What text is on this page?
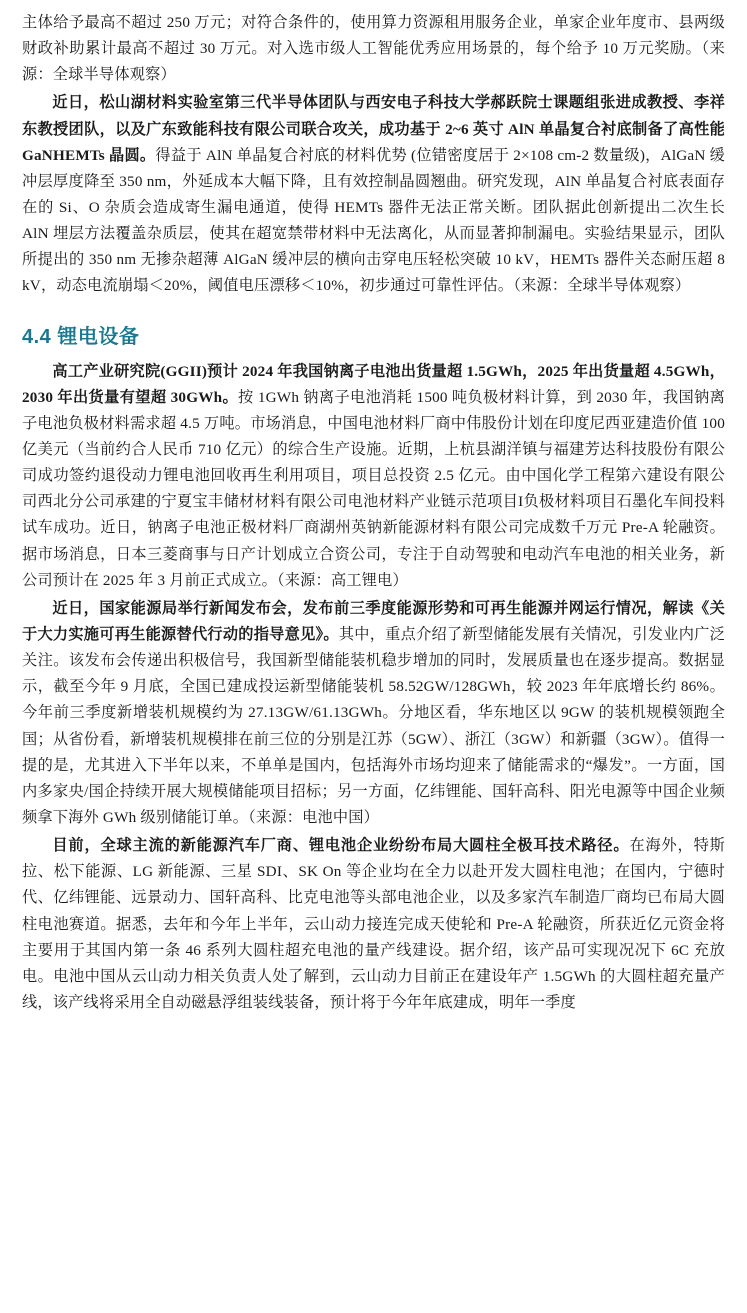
主体给予最高不超过 250 万元；对符合条件的，使用算力资源租用服务企业，单家企业年度市、县两级财政补助累计最高不超过 30 万元。对入选市级人工智能优秀应用场景的，每个给予 10 万元奖励。（来源：全球半导体观察）

近日，松山湖材料实验室第三代半导体团队与西安电子科技大学郝跃院士课题组张进成教授、李祥东教授团队，以及广东致能科技有限公司联合攻关，成功基于 2~6 英寸 AlN 单晶复合衬底制备了高性能 GaNHEMTs 晶圆。得益于 AlN 单晶复合衬底的材料优势 (位错密度居于 2×108 cm-2 数量级)，AlGaN 缓冲层厚度降至 350 nm，外延成本大幅下降，且有效控制晶圆翘曲。研究发现，AlN 单晶复合衬底表面存在的 Si、O 杂质会造成寄生漏电通道，使得 HEMTs 器件无法正常关断。团队据此创新提出二次生长 AlN 埋层方法覆盖杂质层，使其在超宽禁带材料中无法离化，从而显著抑制漏电。实验结果显示，团队所提出的 350 nm 无掺杂超薄 AlGaN 缓冲层的横向击穿电压轻松突破 10 kV，HEMTs 器件关态耐压超 8 kV，动态电流崩塌＜20%，阈值电压漂移＜10%，初步通过可靠性评估。（来源：全球半导体观察）

4.4 锂电设备

高工产业研究院(GGII)预计 2024 年我国钠离子电池出货量超 1.5GWh，2025 年出货量超 4.5GWh，2030 年出货量有望超 30GWh。按 1GWh 钠离子电池消耗 1500 吨负极材料计算，到 2030 年，我国钠离子电池负极材料需求超 4.5 万吨。市场消息，中国电池材料厂商中伟股份计划在印度尼西亚建造价值 100 亿美元（当前约合人民币 710 亿元）的综合生产设施。近期，上杭县湖洋镇与福建芳达科技股份有限公司成功签约退役动力锂电池回收再生利用项目，项目总投资 2.5 亿元。由中国化学工程第六建设有限公司西北分公司承建的宁夏宝丰储材材料有限公司电池材料产业链示范项目I负极材料项目石墨化车间投料试车成功。近日，钠离子电池正极材料厂商湖州英钠新能源材料有限公司完成数千万元 Pre-A 轮融资。据市场消息，日本三菱商事与日产计划成立合资公司，专注于自动驾驶和电动汽车电池的相关业务，新公司预计在 2025 年 3 月前正式成立。（来源：高工锂电）

近日，国家能源局举行新闻发布会，发布前三季度能源形势和可再生能源并网运行情况，解读《关于大力实施可再生能源替代行动的指导意见》。其中，重点介绍了新型储能发展有关情况，引发业内广泛关注。该发布会传递出积极信号，我国新型储能装机稳步增加的同时，发展质量也在逐步提高。数据显示，截至今年 9 月底，全国已建成投运新型储能装机 58.52GW/128GWh，较 2023 年年底增长约 86%。今年前三季度新增装机规模约为 27.13GW/61.13GWh。分地区看，华东地区以 9GW 的装机规模领跑全国；从省份看，新增装机规模排在前三位的分别是江苏（5GW）、浙江（3GW）和新疆（3GW）。值得一提的是，尤其进入下半年以来，不单单是国内，包括海外市场均迎来了储能需求的“爆发”。一方面，国内多家央/国企持续开展大规模储能项目招标；另一方面，亿纬锂能、国轩高科、阳光电源等中国企业频频拿下海外 GWh 级别储能订单。（来源：电池中国）

目前，全球主流的新能源汽车厂商、锂电池企业纷纷布局大圆柱全极耳技术路径。在海外，特斯拉、松下能源、LG 新能源、三星 SDI、SK On 等企业均在全力以赴开发大圆柱电池；在国内，宁德时代、亿纬锂能、远景动力、国轩高科、比克电池等头部电池企业，以及多家汽车制造厂商均已布局大圆柱电池赛道。据悉，去年和今年上半年，云山动力接连完成天使轮和 Pre-A 轮融资，所获近亿元资金将主要用于其国内第一条 46 系列大圆柱超充电池的量产线建设。据介绍，该产品可实现况况下 6C 充放电。电池中国从云山动力相关负责人处了解到，云山动力目前正在建设年产 1.5GWh 的大圆柱超充量产线，该产线将采用全自动磁悬浮组装线装备，预计将于今年年底建成，明年一季度
